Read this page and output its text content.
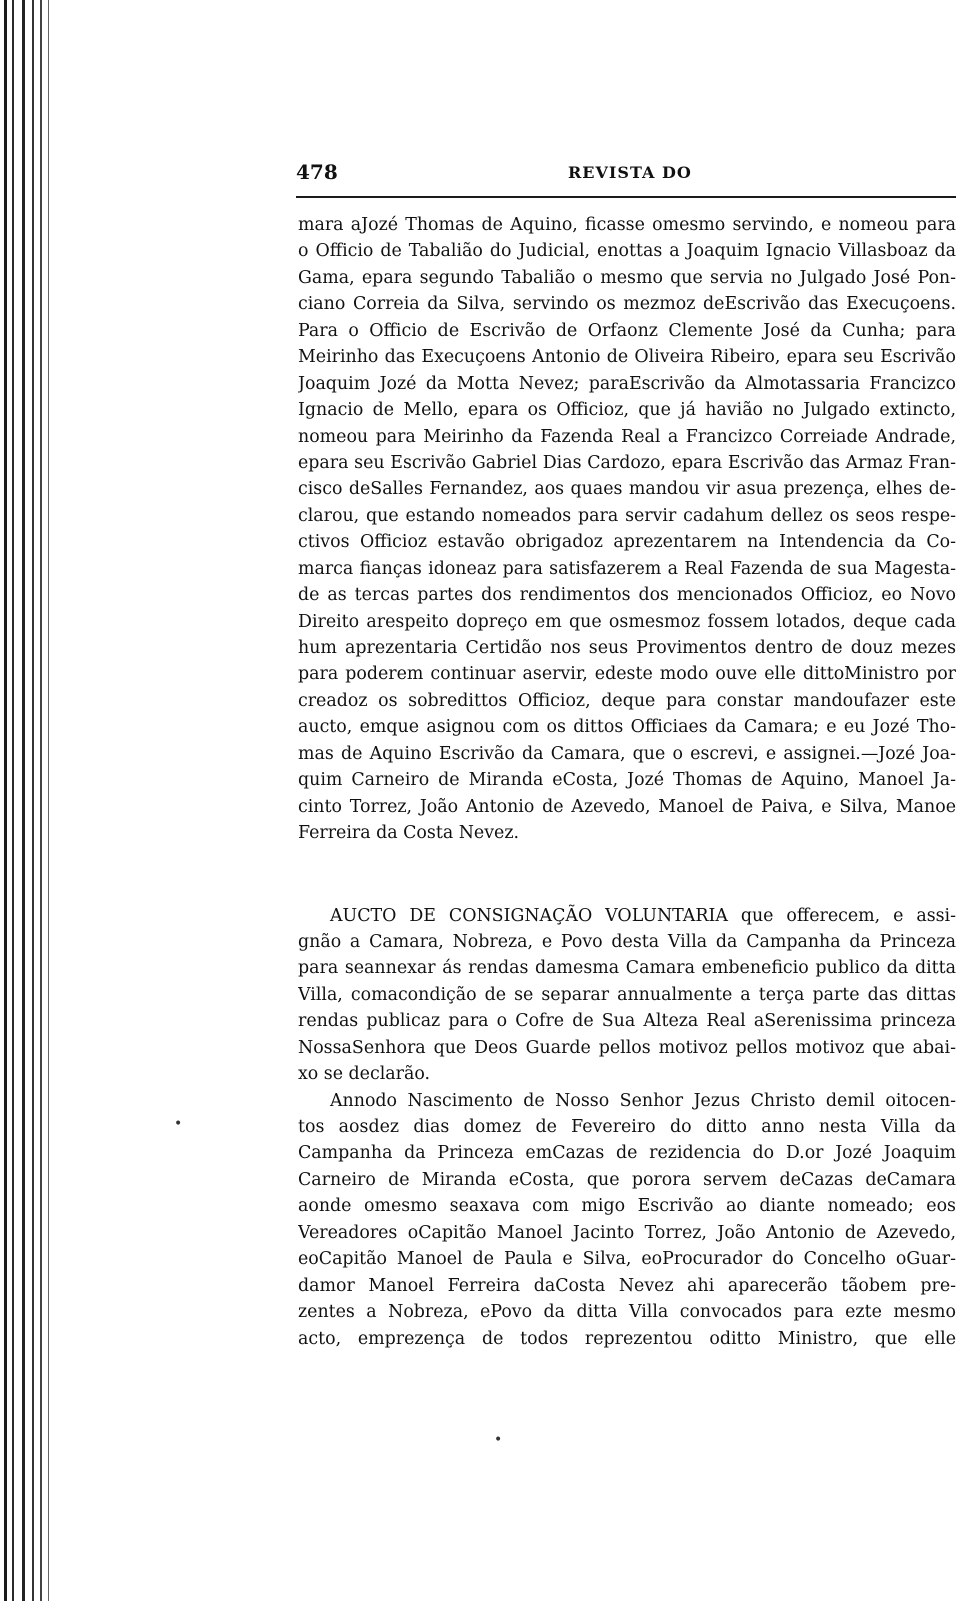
478	REVISTA DO
mara aJozé Thomas de Aquino, ficasse omesmo servindo, e nomeou para
o Officio de Tabalião do Judicial, enottas a Joaquim Ignacio Villasboaz da
Gama, epara segundo Tabalião o mesmo que servia no Julgado José Pon-
ciano Correia da Silva, servindo os mezmoz deEscrivão das Execuçoens.
Para o Officio de Escrivão de Orfaonz Clemente José da Cunha; para
Meirinho das Execuçoens Antonio de Oliveira Ribeiro, epara seu Escrivão
Joaquim Jozé da Motta Nevez; paraEscrivão da Almotassaria Francizco
Ignacio de Mello, epara os Officioz, que já havião no Julgado extincto,
nomeou para Meirinho da Fazenda Real a Francizco Correiade Andrade,
epara seu Escrivão Gabriel Dias Cardozo, epara Escrivão das Armaz Fran-
cisco deSalles Fernandez, aos quaes mandou vir asua prezença, elhes de-
clarou, que estando nomeados para servir cadahum dellez os seos respe-
ctivos Officioz estavão obrigadoz aprezentarem na Intendencia da Co-
marca fianças idoneaz para satisfazerem a Real Fazenda de sua Magesta-
de as tercas partes dos rendimentos dos mencionados Officioz, eo Novo
Direito arespeito dopreço em que osmesmoz fossem lotados, deque cada
hum aprezentaria Certidão nos seus Provimentos dentro de douz mezes
para poderem continuar aservir, edeste modo ouve elle dittoMinistro por
creadoz os sobredittos Officioz, deque para constar mandoufazer este
aucto, emque asignou com os dittos Officiaes da Camara; e eu Jozé Tho-
mas de Aquino Escrivão da Camara, que o escrevi, e assignei.—Jozé Joa-
quim Carneiro de Miranda eCosta, Jozé Thomas de Aquino, Manoel Ja-
cinto Torrez, João Antonio de Azevedo, Manoel de Paiva, e Silva, Manoe
Ferreira da Costa Nevez.
AUCTO DE CONSIGNAÇÃO VOLUNTARIA que offerecem, e assi-
gnão a Camara, Nobreza, e Povo desta Villa da Campanha da Princeza
para seannexar ás rendas damesma Camara embeneficio publico da ditta
Villa, comacondição de se separar annualmente a terça parte das dittas
rendas publicaz para o Cofre de Sua Alteza Real aSerenissima princeza
NossaSenhora que Deos Guarde pellos motivoz pellos motivoz que abai-
xo se declarão.
Annodo Nascimento de Nosso Senhor Jezus Christo demil oitocen-
tos aosdez dias domez de Fevereiro do ditto anno nesta Villa da
Campanha da Princeza emCazas de rezidencia do D.or Jozé Joaquim
Carneiro de Miranda eCosta, que porora servem deCazas deCamara
aonde omesmo seaxava com migo Escrivão ao diante nomeado; eos
Vereadores oCapitão Manoel Jacinto Torrez, João Antonio de Azevedo,
eoCapitão Manoel de Paula e Silva, eoProcurador do Concelho oGuar-
damor Manoel Ferreira daCosta Nevez ahi aparecerão tãobem pre-
zentes a Nobreza, ePovo da ditta Villa convocados para ezte mesmo
acto, emprezença de todos reprezentou oditto Ministro, que elle
•
•
